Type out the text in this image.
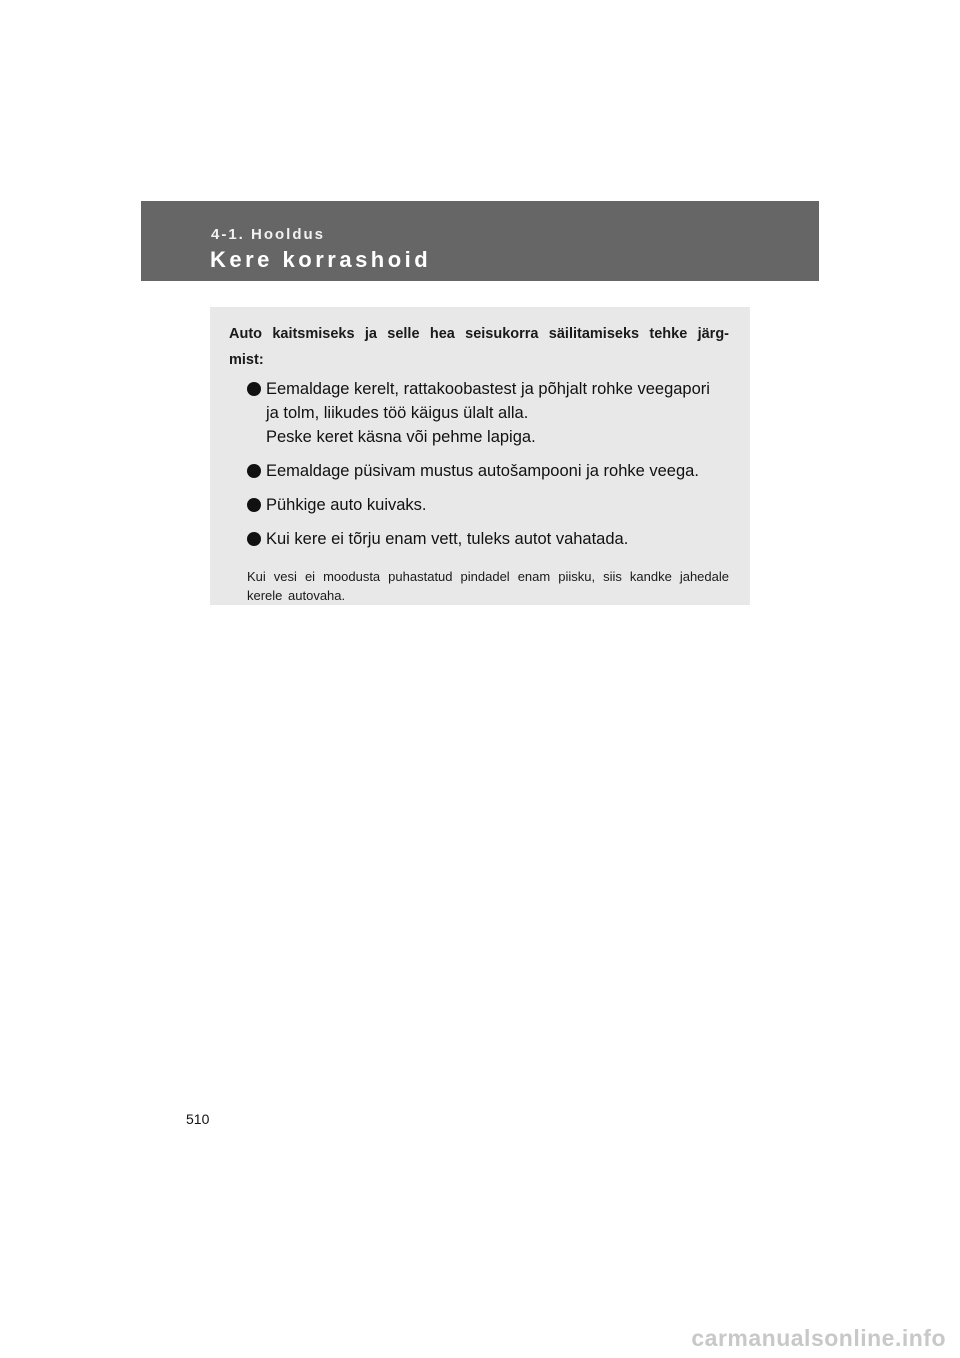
4-1. Hooldus
Kere korrashoid

Auto kaitsmiseks ja selle hea seisukorra säilitamiseks tehke järg- mist:

Eemaldage kerelt, rattakoobastest ja põhjalt rohke veegapori
ja tolm, liikudes töö käigus ülalt alla.
Peske keret käsna või pehme lapiga.
Eemaldage püsivam mustus autošampooni ja rohke veega.
Pühkige auto kuivaks.
Kui kere ei tõrju enam vett, tuleks autot vahatada.

Kui vesi ei moodusta puhastatud pindadel enam piisku, siis kandke jahedale kerele autovaha.

510
carmanualsonline.info
